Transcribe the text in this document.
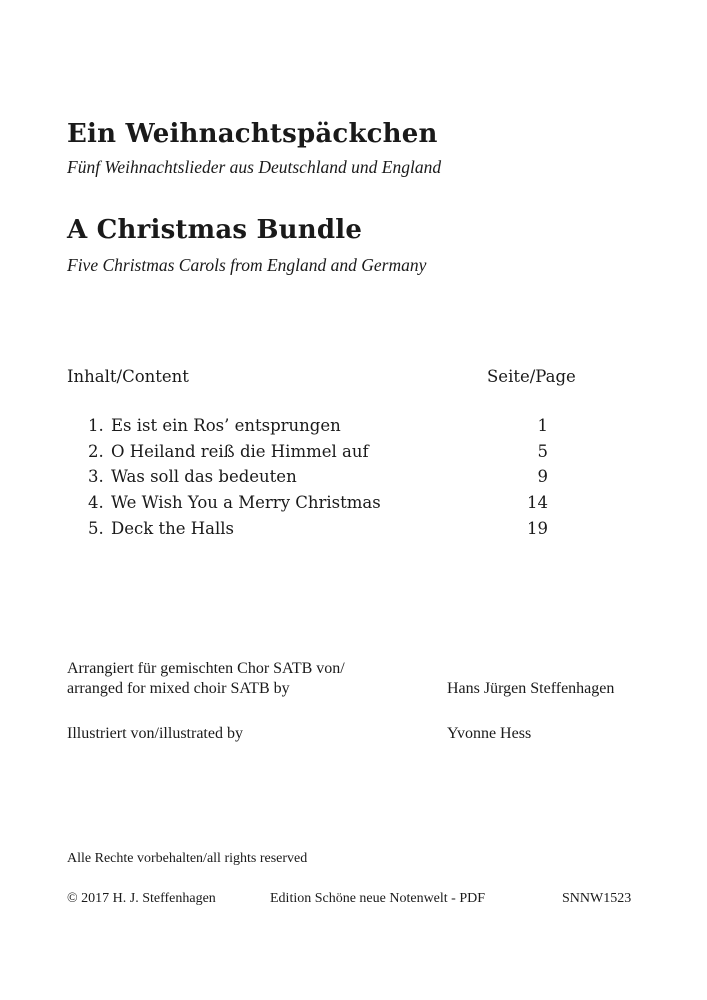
Ein Weihnachtspäckchen
Fünf Weihnachtslieder aus Deutschland und England
A Christmas Bundle
Five Christmas Carols from England and Germany
Inhalt/Content	Seite/Page
1. Es ist ein Ros’ entsprungen	1
2. O Heiland reiß die Himmel auf	5
3. Was soll das bedeuten	9
4. We Wish You a Merry Christmas	14
5. Deck the Halls	19
Arrangiert für gemischten Chor SATB von/
arranged for mixed choir SATB by	Hans Jürgen Steffenhagen
Illustriert von/illustrated by	Yvonne Hess
Alle Rechte vorbehalten/all rights reserved
© 2017 H. J. Steffenhagen	Edition Schöne neue Notenwelt - PDF	SNNW1523
